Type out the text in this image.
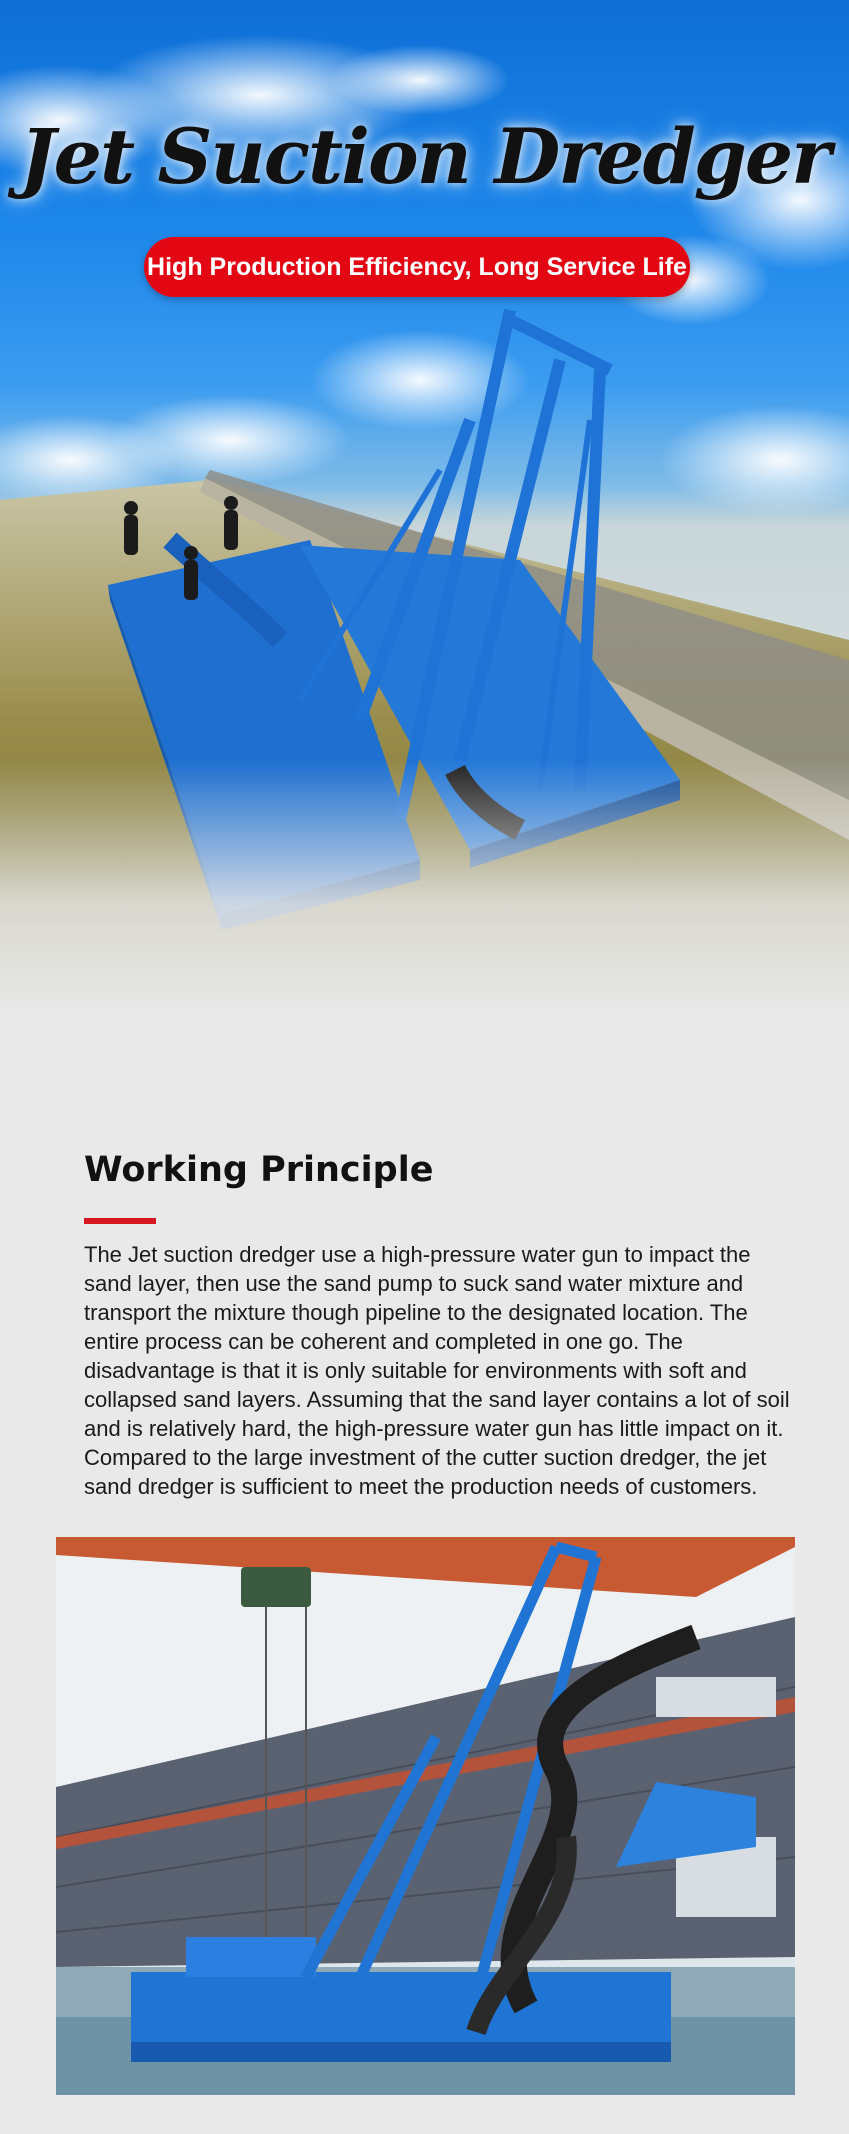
Jet Suction Dredger
High Production Efficiency, Long Service Life
Working Principle

The Jet suction dredger use a high-pressure water gun to impact the sand layer, then use the sand pump to suck sand water mixture and transport the mixture though pipeline to the designated location. The entire process can be coherent and completed in one go. The disadvantage is that it is only suitable for environments with soft and collapsed sand layers. Assuming that the sand layer contains a lot of soil and is relatively hard, the high-pressure water gun has little impact on it. Compared to the large investment of the cutter suction dredger, the jet sand dredger is sufficient to meet the production needs of customers.
